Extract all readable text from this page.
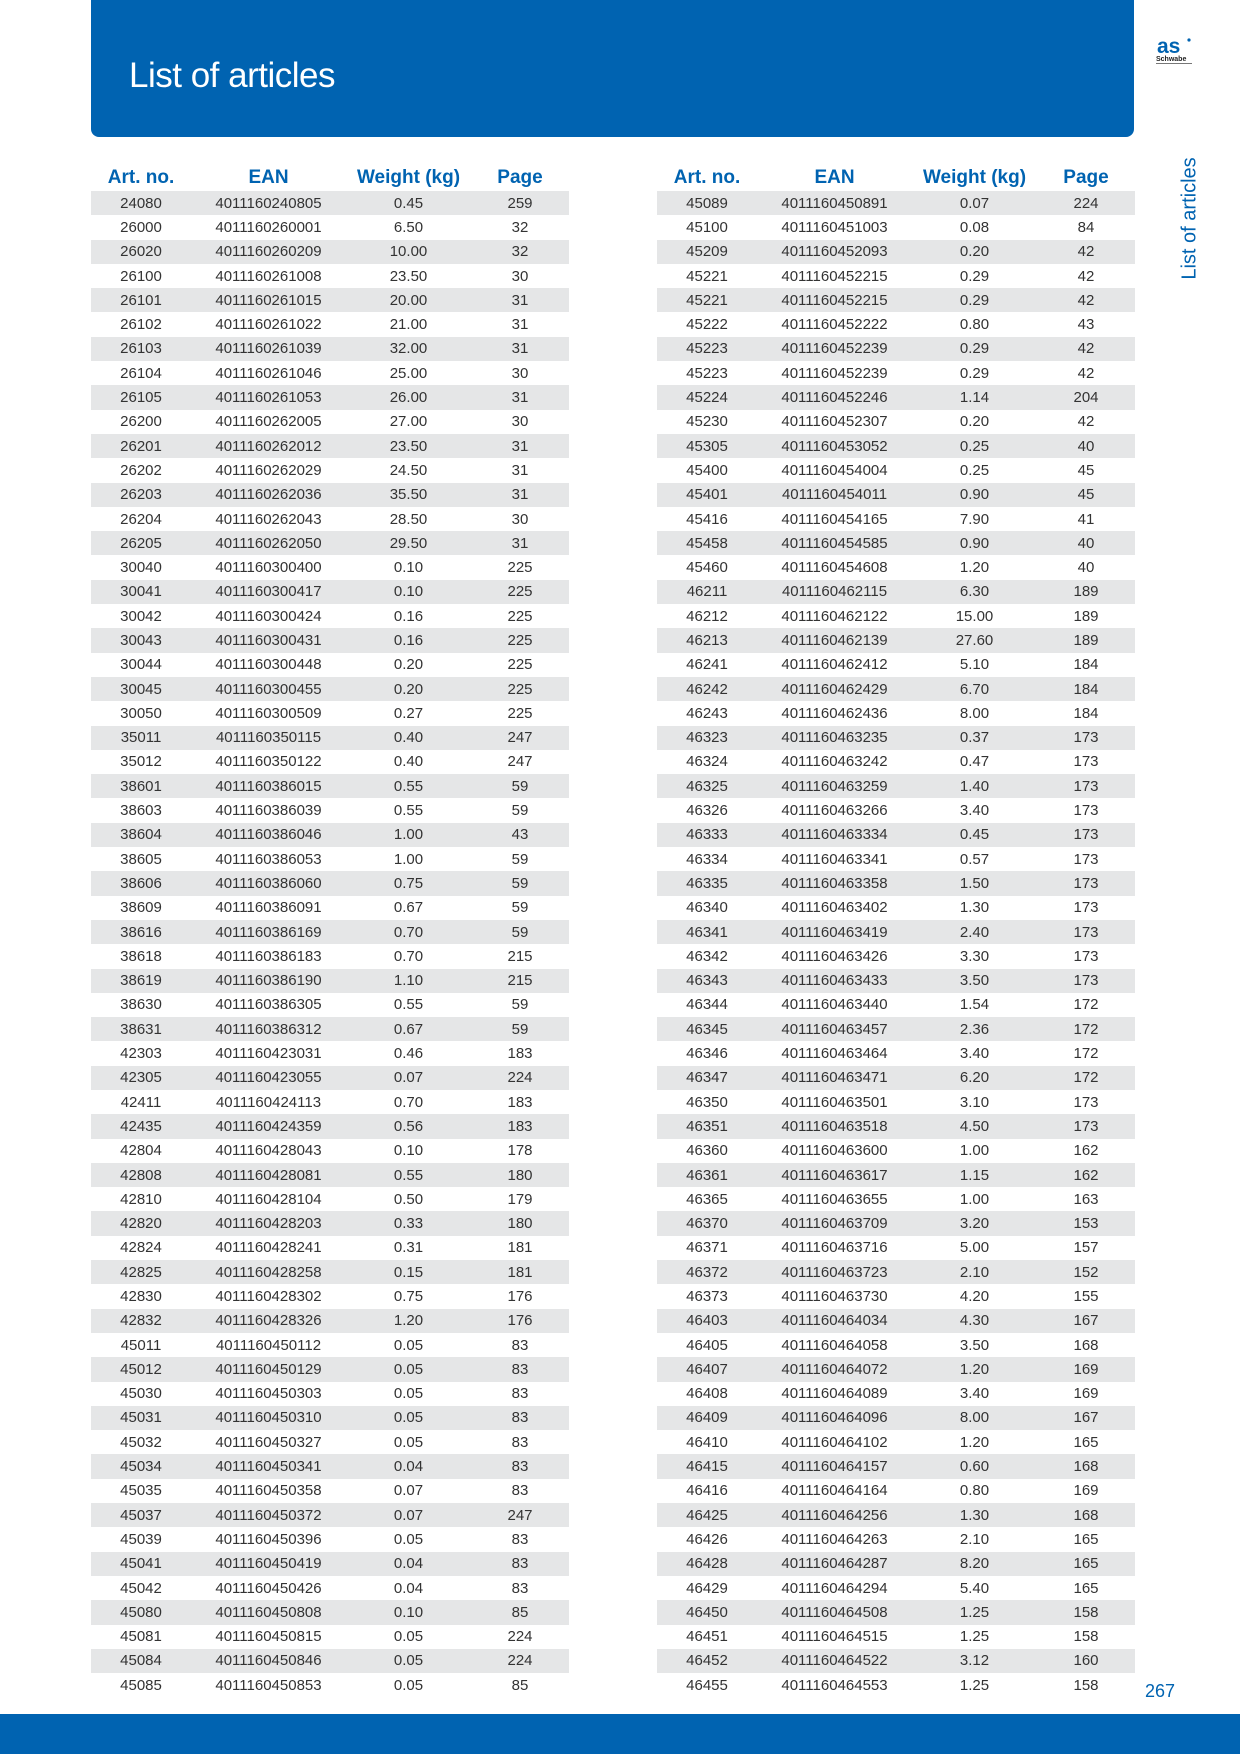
List of articles
as
Schwabe
List of articles
Art. no.	EAN	Weight (kg)	Page
24080	4011160240805	0.45	259
26000	4011160260001	6.50	32
26020	4011160260209	10.00	32
26100	4011160261008	23.50	30
26101	4011160261015	20.00	31
26102	4011160261022	21.00	31
26103	4011160261039	32.00	31
26104	4011160261046	25.00	30
26105	4011160261053	26.00	31
26200	4011160262005	27.00	30
26201	4011160262012	23.50	31
26202	4011160262029	24.50	31
26203	4011160262036	35.50	31
26204	4011160262043	28.50	30
26205	4011160262050	29.50	31
30040	4011160300400	0.10	225
30041	4011160300417	0.10	225
30042	4011160300424	0.16	225
30043	4011160300431	0.16	225
30044	4011160300448	0.20	225
30045	4011160300455	0.20	225
30050	4011160300509	0.27	225
35011	4011160350115	0.40	247
35012	4011160350122	0.40	247
38601	4011160386015	0.55	59
38603	4011160386039	0.55	59
38604	4011160386046	1.00	43
38605	4011160386053	1.00	59
38606	4011160386060	0.75	59
38609	4011160386091	0.67	59
38616	4011160386169	0.70	59
38618	4011160386183	0.70	215
38619	4011160386190	1.10	215
38630	4011160386305	0.55	59
38631	4011160386312	0.67	59
42303	4011160423031	0.46	183
42305	4011160423055	0.07	224
42411	4011160424113	0.70	183
42435	4011160424359	0.56	183
42804	4011160428043	0.10	178
42808	4011160428081	0.55	180
42810	4011160428104	0.50	179
42820	4011160428203	0.33	180
42824	4011160428241	0.31	181
42825	4011160428258	0.15	181
42830	4011160428302	0.75	176
42832	4011160428326	1.20	176
45011	4011160450112	0.05	83
45012	4011160450129	0.05	83
45030	4011160450303	0.05	83
45031	4011160450310	0.05	83
45032	4011160450327	0.05	83
45034	4011160450341	0.04	83
45035	4011160450358	0.07	83
45037	4011160450372	0.07	247
45039	4011160450396	0.05	83
45041	4011160450419	0.04	83
45042	4011160450426	0.04	83
45080	4011160450808	0.10	85
45081	4011160450815	0.05	224
45084	4011160450846	0.05	224
45085	4011160450853	0.05	85
Art. no.	EAN	Weight (kg)	Page
45089	4011160450891	0.07	224
45100	4011160451003	0.08	84
45209	4011160452093	0.20	42
45221	4011160452215	0.29	42
45221	4011160452215	0.29	42
45222	4011160452222	0.80	43
45223	4011160452239	0.29	42
45223	4011160452239	0.29	42
45224	4011160452246	1.14	204
45230	4011160452307	0.20	42
45305	4011160453052	0.25	40
45400	4011160454004	0.25	45
45401	4011160454011	0.90	45
45416	4011160454165	7.90	41
45458	4011160454585	0.90	40
45460	4011160454608	1.20	40
46211	4011160462115	6.30	189
46212	4011160462122	15.00	189
46213	4011160462139	27.60	189
46241	4011160462412	5.10	184
46242	4011160462429	6.70	184
46243	4011160462436	8.00	184
46323	4011160463235	0.37	173
46324	4011160463242	0.47	173
46325	4011160463259	1.40	173
46326	4011160463266	3.40	173
46333	4011160463334	0.45	173
46334	4011160463341	0.57	173
46335	4011160463358	1.50	173
46340	4011160463402	1.30	173
46341	4011160463419	2.40	173
46342	4011160463426	3.30	173
46343	4011160463433	3.50	173
46344	4011160463440	1.54	172
46345	4011160463457	2.36	172
46346	4011160463464	3.40	172
46347	4011160463471	6.20	172
46350	4011160463501	3.10	173
46351	4011160463518	4.50	173
46360	4011160463600	1.00	162
46361	4011160463617	1.15	162
46365	4011160463655	1.00	163
46370	4011160463709	3.20	153
46371	4011160463716	5.00	157
46372	4011160463723	2.10	152
46373	4011160463730	4.20	155
46403	4011160464034	4.30	167
46405	4011160464058	3.50	168
46407	4011160464072	1.20	169
46408	4011160464089	3.40	169
46409	4011160464096	8.00	167
46410	4011160464102	1.20	165
46415	4011160464157	0.60	168
46416	4011160464164	0.80	169
46425	4011160464256	1.30	168
46426	4011160464263	2.10	165
46428	4011160464287	8.20	165
46429	4011160464294	5.40	165
46450	4011160464508	1.25	158
46451	4011160464515	1.25	158
46452	4011160464522	3.12	160
46455	4011160464553	1.25	158	267
